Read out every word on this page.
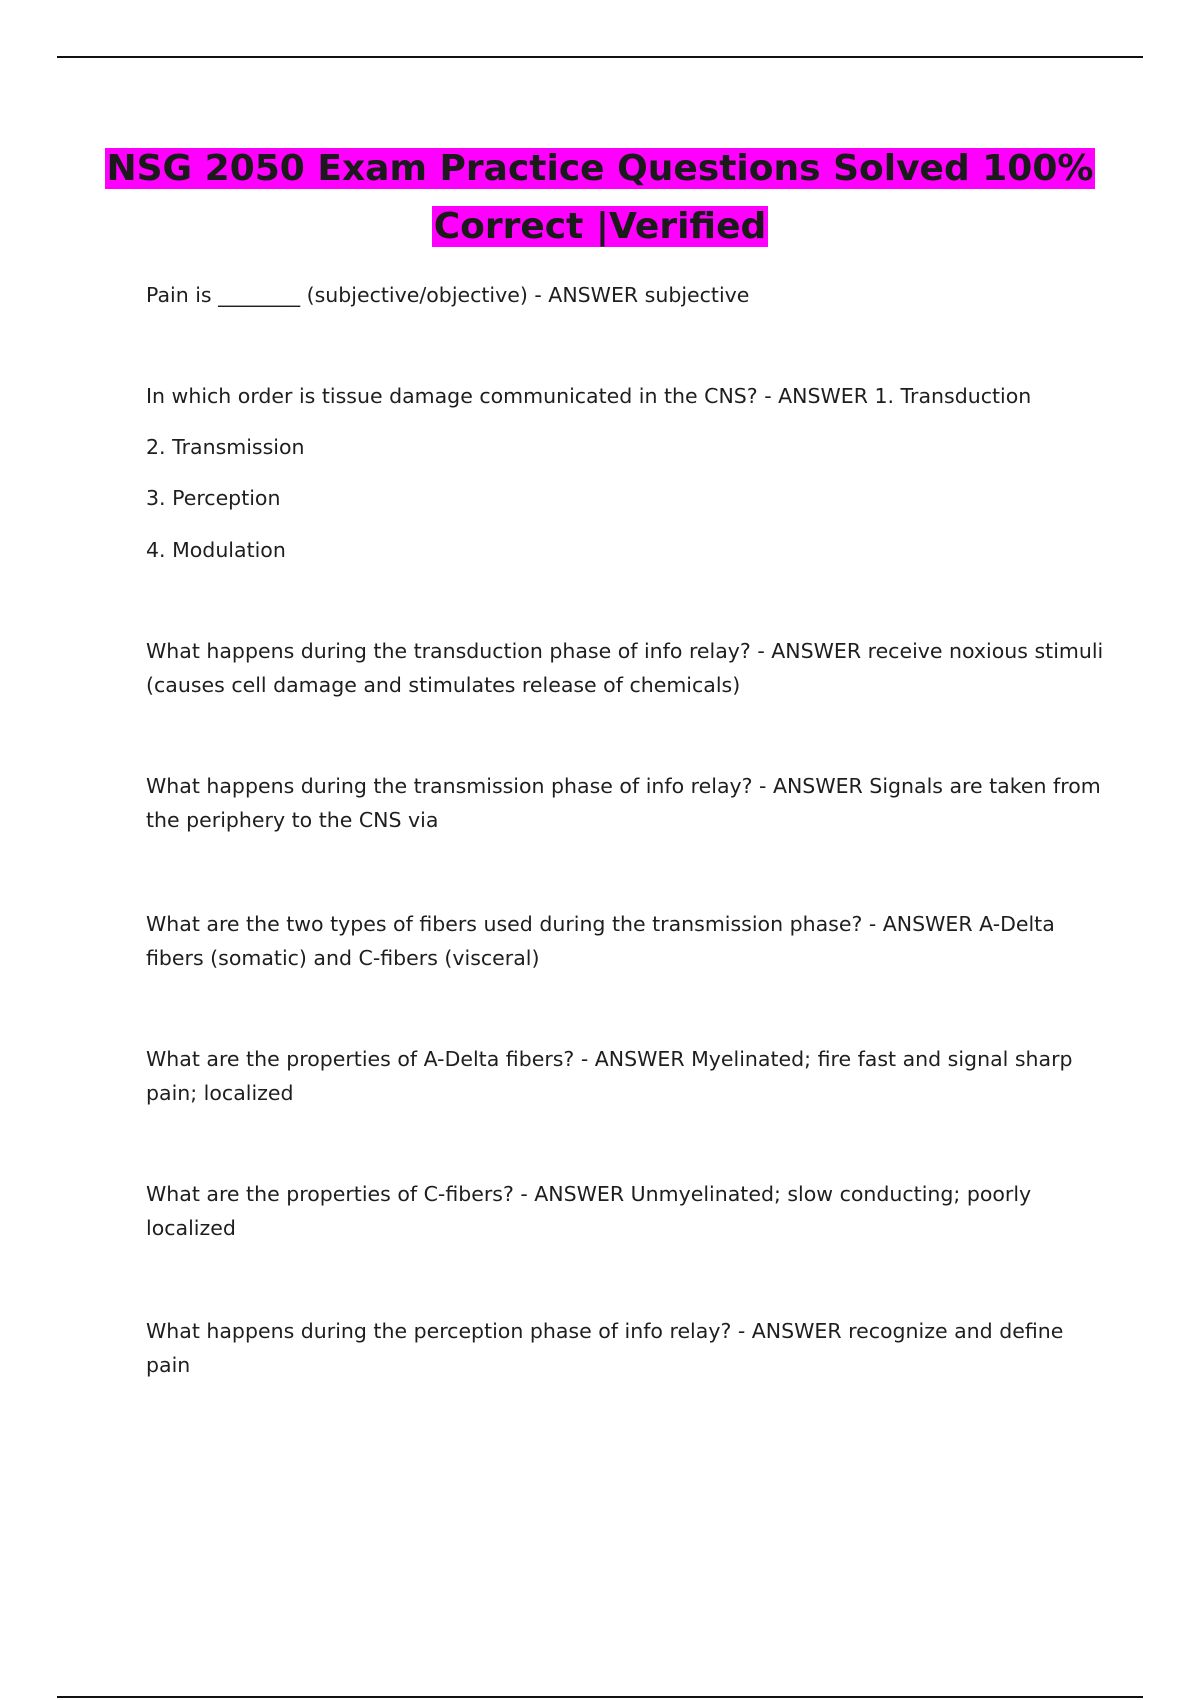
NSG 2050 Exam Practice Questions Solved 100%
Correct |Verified

Pain is ________ (subjective/objective) - ANSWER subjective

In which order is tissue damage communicated in the CNS? - ANSWER 1. Transduction

2. Transmission

3. Perception

4. Modulation

What happens during the transduction phase of info relay? - ANSWER receive noxious stimuli (causes cell damage and stimulates release of chemicals)

What happens during the transmission phase of info relay? - ANSWER Signals are taken from the periphery to the CNS via

What are the two types of fibers used during the transmission phase? - ANSWER A-Delta fibers (somatic) and C-fibers (visceral)

What are the properties of A-Delta fibers? - ANSWER Myelinated; fire fast and signal sharp pain; localized

What are the properties of C-fibers? - ANSWER Unmyelinated; slow conducting; poorly localized

What happens during the perception phase of info relay? - ANSWER recognize and define pain
